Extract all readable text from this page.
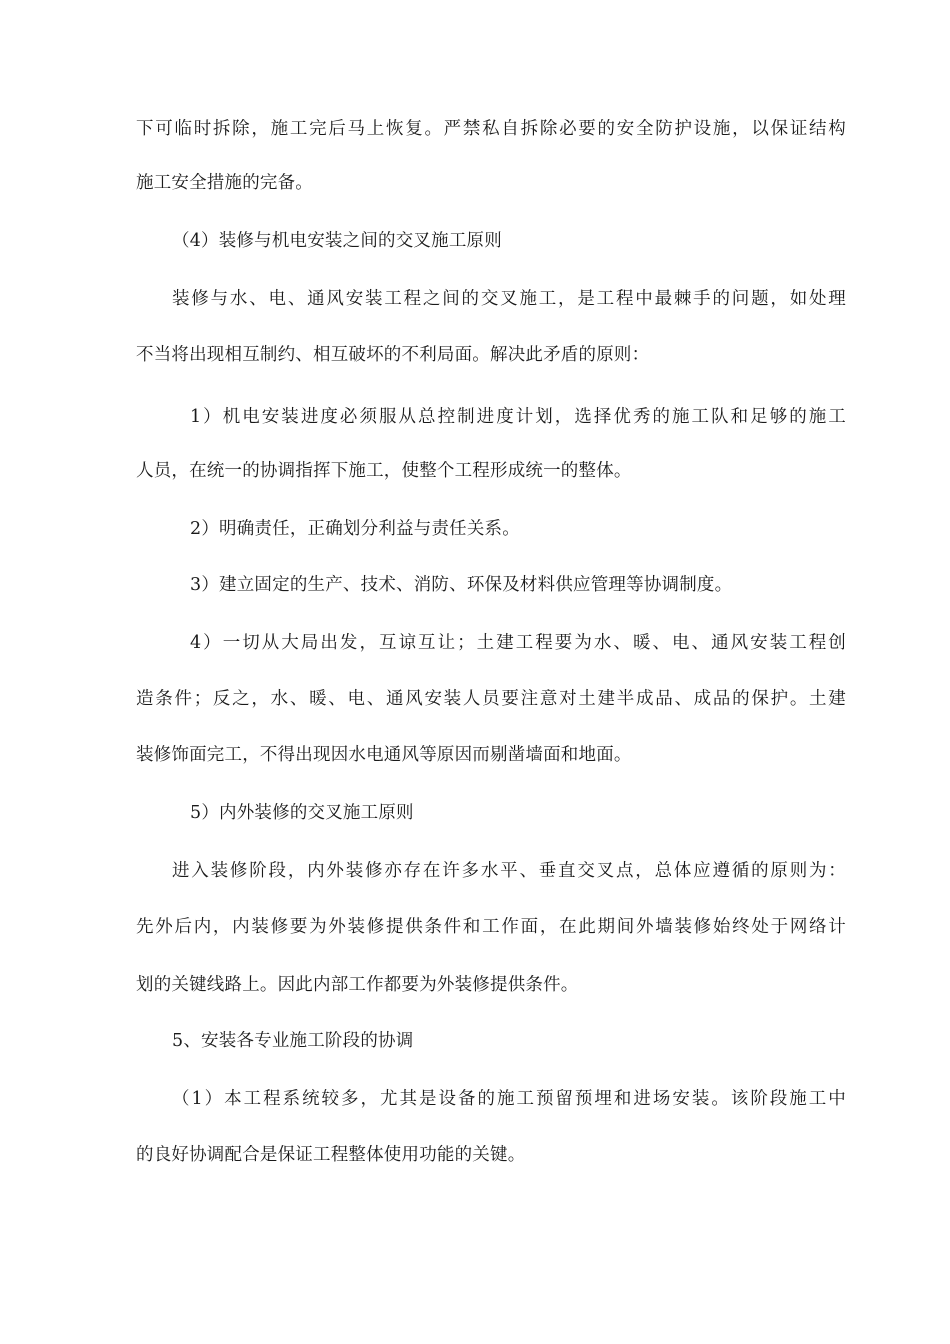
下可临时拆除，施工完后马上恢复。严禁私自拆除必要的安全防护设施，以保证结构
施工安全措施的完备。
（4）装修与机电安装之间的交叉施工原则
装修与水、电、通风安装工程之间的交叉施工，是工程中最棘手的问题，如处理
不当将出现相互制约、相互破坏的不利局面。解决此矛盾的原则：
1）机电安装进度必须服从总控制进度计划，选择优秀的施工队和足够的施工
人员，在统一的协调指挥下施工，使整个工程形成统一的整体。
2）明确责任，正确划分利益与责任关系。
3）建立固定的生产、技术、消防、环保及材料供应管理等协调制度。
4）一切从大局出发，互谅互让；土建工程要为水、暖、电、通风安装工程创
造条件；反之，水、暖、电、通风安装人员要注意对土建半成品、成品的保护。土建
装修饰面完工，不得出现因水电通风等原因而剔凿墙面和地面。
5）内外装修的交叉施工原则
进入装修阶段，内外装修亦存在许多水平、垂直交叉点，总体应遵循的原则为：
先外后内，内装修要为外装修提供条件和工作面，在此期间外墙装修始终处于网络计
划的关键线路上。因此内部工作都要为外装修提供条件。
5、安装各专业施工阶段的协调
（1）本工程系统较多，尤其是设备的施工预留预埋和进场安装。该阶段施工中
的良好协调配合是保证工程整体使用功能的关键。
